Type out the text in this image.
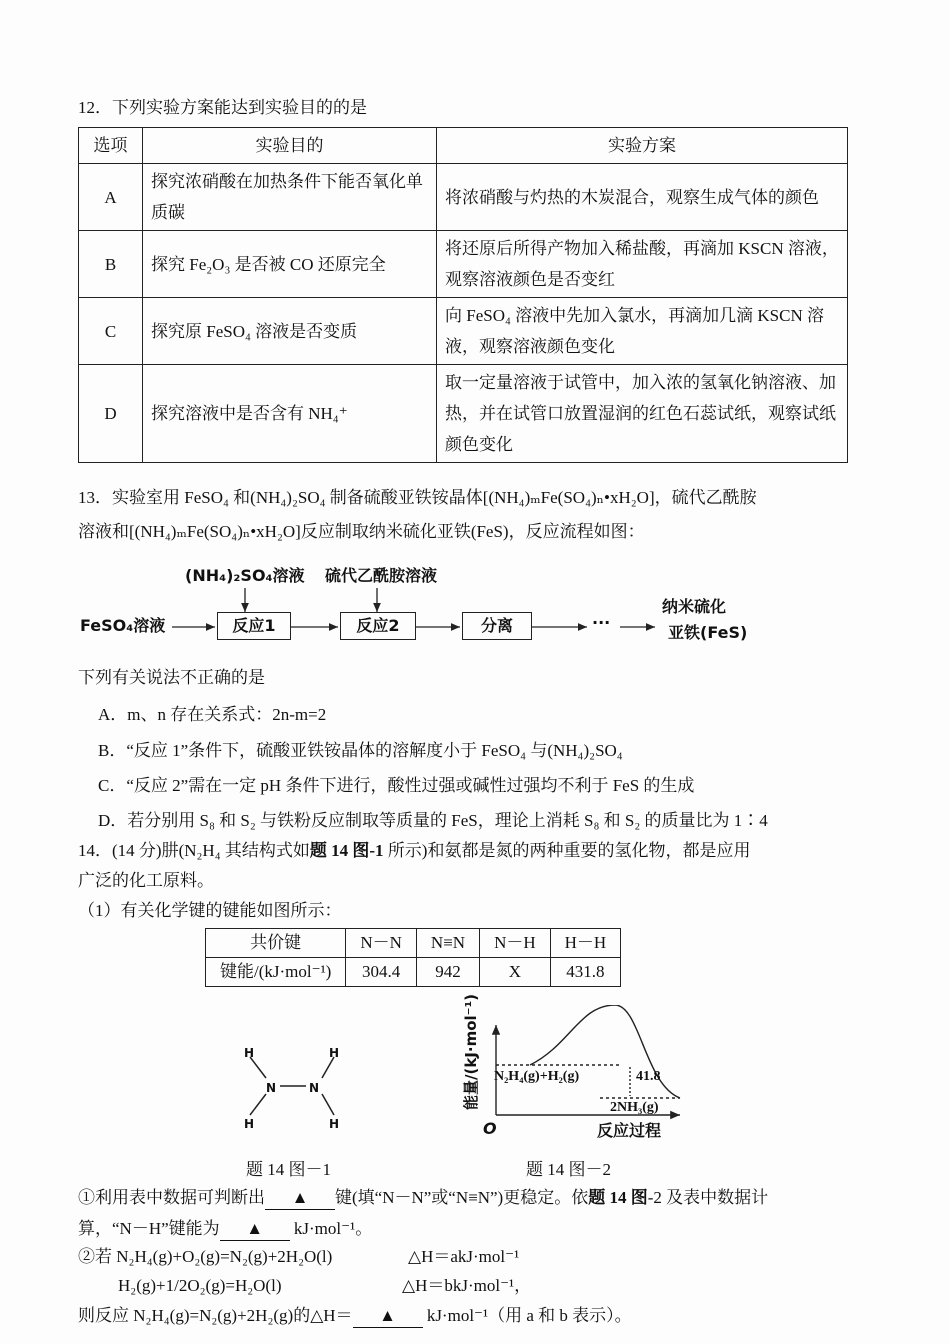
12．下列实验方案能达到实验目的的是
选项	实验目的	实验方案
A	探究浓硝酸在加热条件下能否氧化单质碳	将浓硝酸与灼热的木炭混合，观察生成气体的颜色
B	探究 Fe₂O₃ 是否被 CO 还原完全	将还原后所得产物加入稀盐酸，再滴加 KSCN 溶液，观察溶液颜色是否变红
C	探究原 FeSO₄ 溶液是否变质	向 FeSO₄ 溶液中先加入氯水，再滴加几滴 KSCN 溶液，观察溶液颜色变化
D	探究溶液中是否含有 NH₄⁺	取一定量溶液于试管中，加入浓的氢氧化钠溶液、加热，并在试管口放置湿润的红色石蕊试纸，观察试纸颜色变化
13．实验室用 FeSO₄ 和(NH₄)₂SO₄ 制备硫酸亚铁铵晶体[(NH₄)ₘFe(SO₄)ₙ•xH₂O]，硫代乙酰胺
溶液和[(NH₄)ₘFe(SO₄)ₙ•xH₂O]反应制取纳米硫化亚铁(FeS)，反应流程如图：
FeSO₄溶液
(NH₄)₂SO₄溶液 硫代乙酰胺溶液
反应1	反应2	分离	···
纳米硫化
亚铁(FeS)
下列有关说法不正确的是
A．m、n 存在关系式：2n-m=2
B．“反应 1”条件下，硫酸亚铁铵晶体的溶解度小于 FeSO₄ 与(NH₄)₂SO₄
C．“反应 2”需在一定 pH 条件下进行，酸性过强或碱性过强均不利于 FeS 的生成
D．若分别用 S₈ 和 S₂ 与铁粉反应制取等质量的 FeS，理论上消耗 S₈ 和 S₂ 的质量比为 1∶4
14．(14 分)肼(N₂H₄ 其结构式如题 14 图-1 所示)和氨都是氮的两种重要的氢化物，都是应用
广泛的化工原料。
（1）有关化学键的键能如图所示：
共价键	N－N	N≡N	N－H	H－H
键能/(kJ·mol⁻¹)	304.4	942	X	431.8
H	H
N	N
H	H
题 14 图－1
能量/(kJ·mol⁻¹)
O	反应过程
N₂H₄(g)+H₂(g)	41.8
2NH₃(g)
题 14 图－2
①利用表中数据可判断出 ▲ 键(填“N－N”或“N≡N”)更稳定。依题 14 图-2 及表中数据计
算，“N－H”键能为 ▲ kJ·mol⁻¹。
②若 N₂H₄(g)+O₂(g)=N₂(g)+2H₂O(l)	△H＝akJ·mol⁻¹
H₂(g)+1/2O₂(g)=H₂O(l)	△H＝bkJ·mol⁻¹，
则反应 N₂H₄(g)=N₂(g)+2H₂(g)的△H＝ ▲ kJ·mol⁻¹（用 a 和 b 表示）。
